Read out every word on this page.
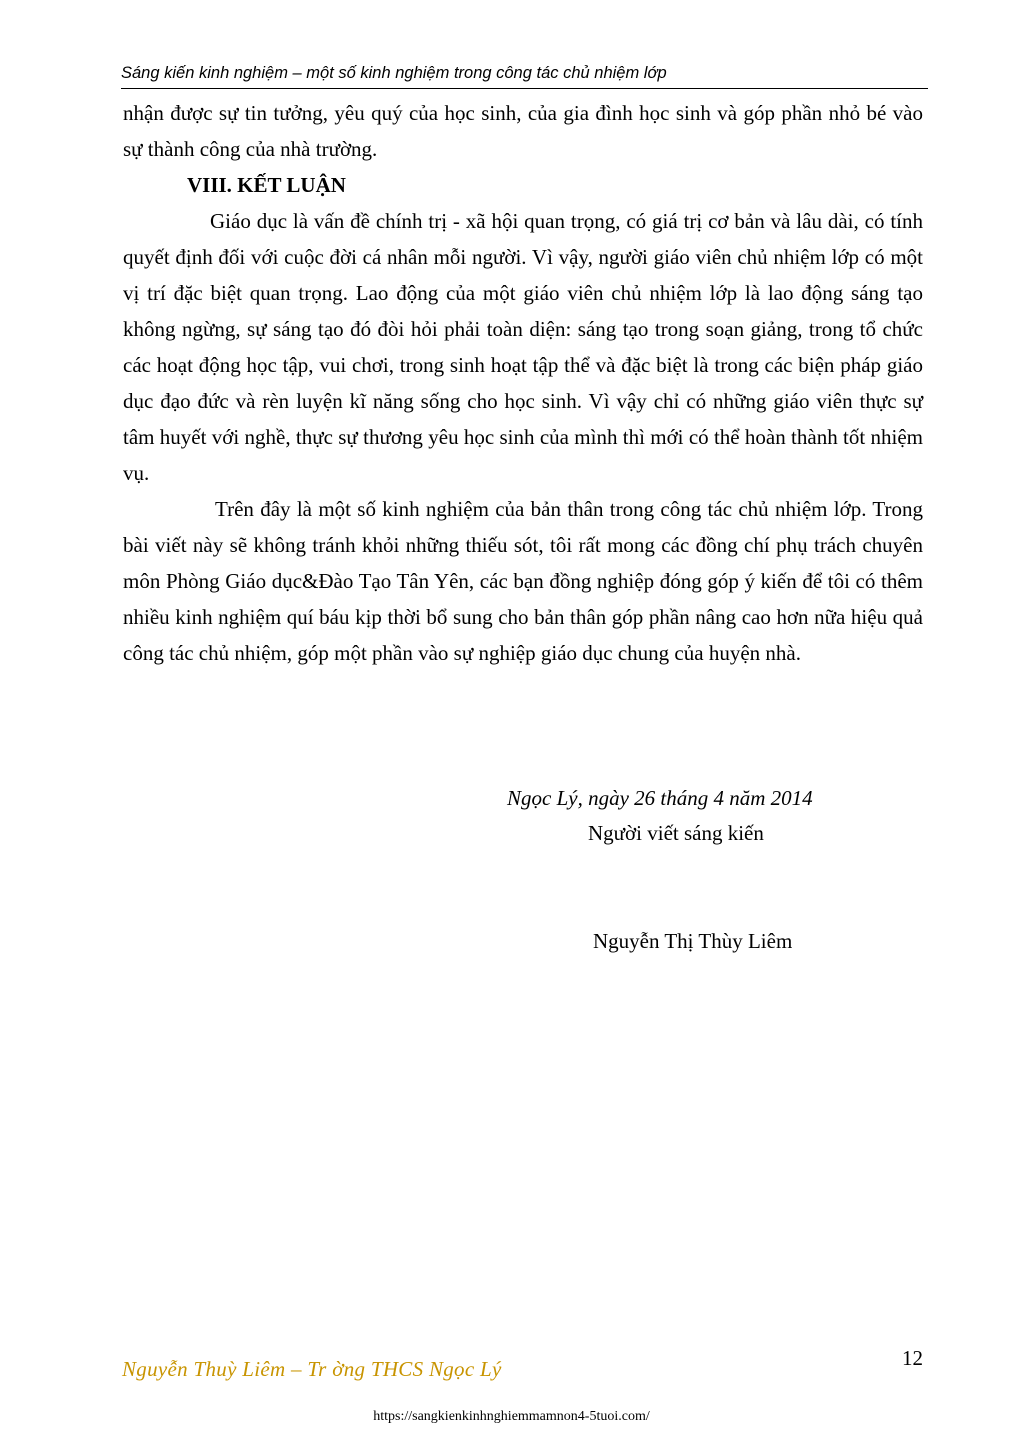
Sáng kiến kinh nghiệm – một số kinh nghiệm trong công tác chủ nhiệm lớp

nhận được sự tin tưởng, yêu quý của học sinh, của gia đình học sinh và góp phần nhỏ bé vào sự thành công của nhà trường.

VIII. KẾT LUẬN

Giáo dục là vấn đề chính trị - xã hội quan trọng, có giá trị cơ bản và lâu dài, có tính quyết định đối với cuộc đời cá nhân mỗi người. Vì vậy, người giáo viên chủ nhiệm lớp có một vị trí đặc biệt quan trọng. Lao động của một giáo viên chủ nhiệm lớp là lao động sáng tạo không ngừng, sự sáng tạo đó đòi hỏi phải toàn diện: sáng tạo trong soạn giảng, trong tổ chức các hoạt động học tập, vui chơi, trong sinh hoạt tập thể và đặc biệt là trong các biện pháp giáo dục đạo đức và rèn luyện kĩ năng sống cho học sinh. Vì vậy chỉ có những giáo viên thực sự tâm huyết với nghề, thực sự thương yêu học sinh của mình thì mới có thể hoàn thành tốt nhiệm vụ.

Trên đây là một số kinh nghiệm của bản thân trong công tác chủ nhiệm lớp. Trong bài viết này sẽ không tránh khỏi những thiếu sót, tôi rất mong các đồng chí phụ trách chuyên môn Phòng Giáo dục&Đào Tạo Tân Yên, các bạn đồng nghiệp đóng góp ý kiến để tôi có thêm nhiều kinh nghiệm quí báu kịp thời bổ sung cho bản thân góp phần nâng cao hơn nữa hiệu quả công tác chủ nhiệm, góp một phần vào sự nghiệp giáo dục chung của huyện nhà.

Ngọc Lý, ngày 26 tháng 4 năm 2014
Người viết sáng kiến
Nguyễn Thị Thùy Liêm
Nguyễn Thuỳ Liêm – Tr ờng THCS Ngọc Lý	12
https://sangkienkinhnghiemmamnon4-5tuoi.com/
